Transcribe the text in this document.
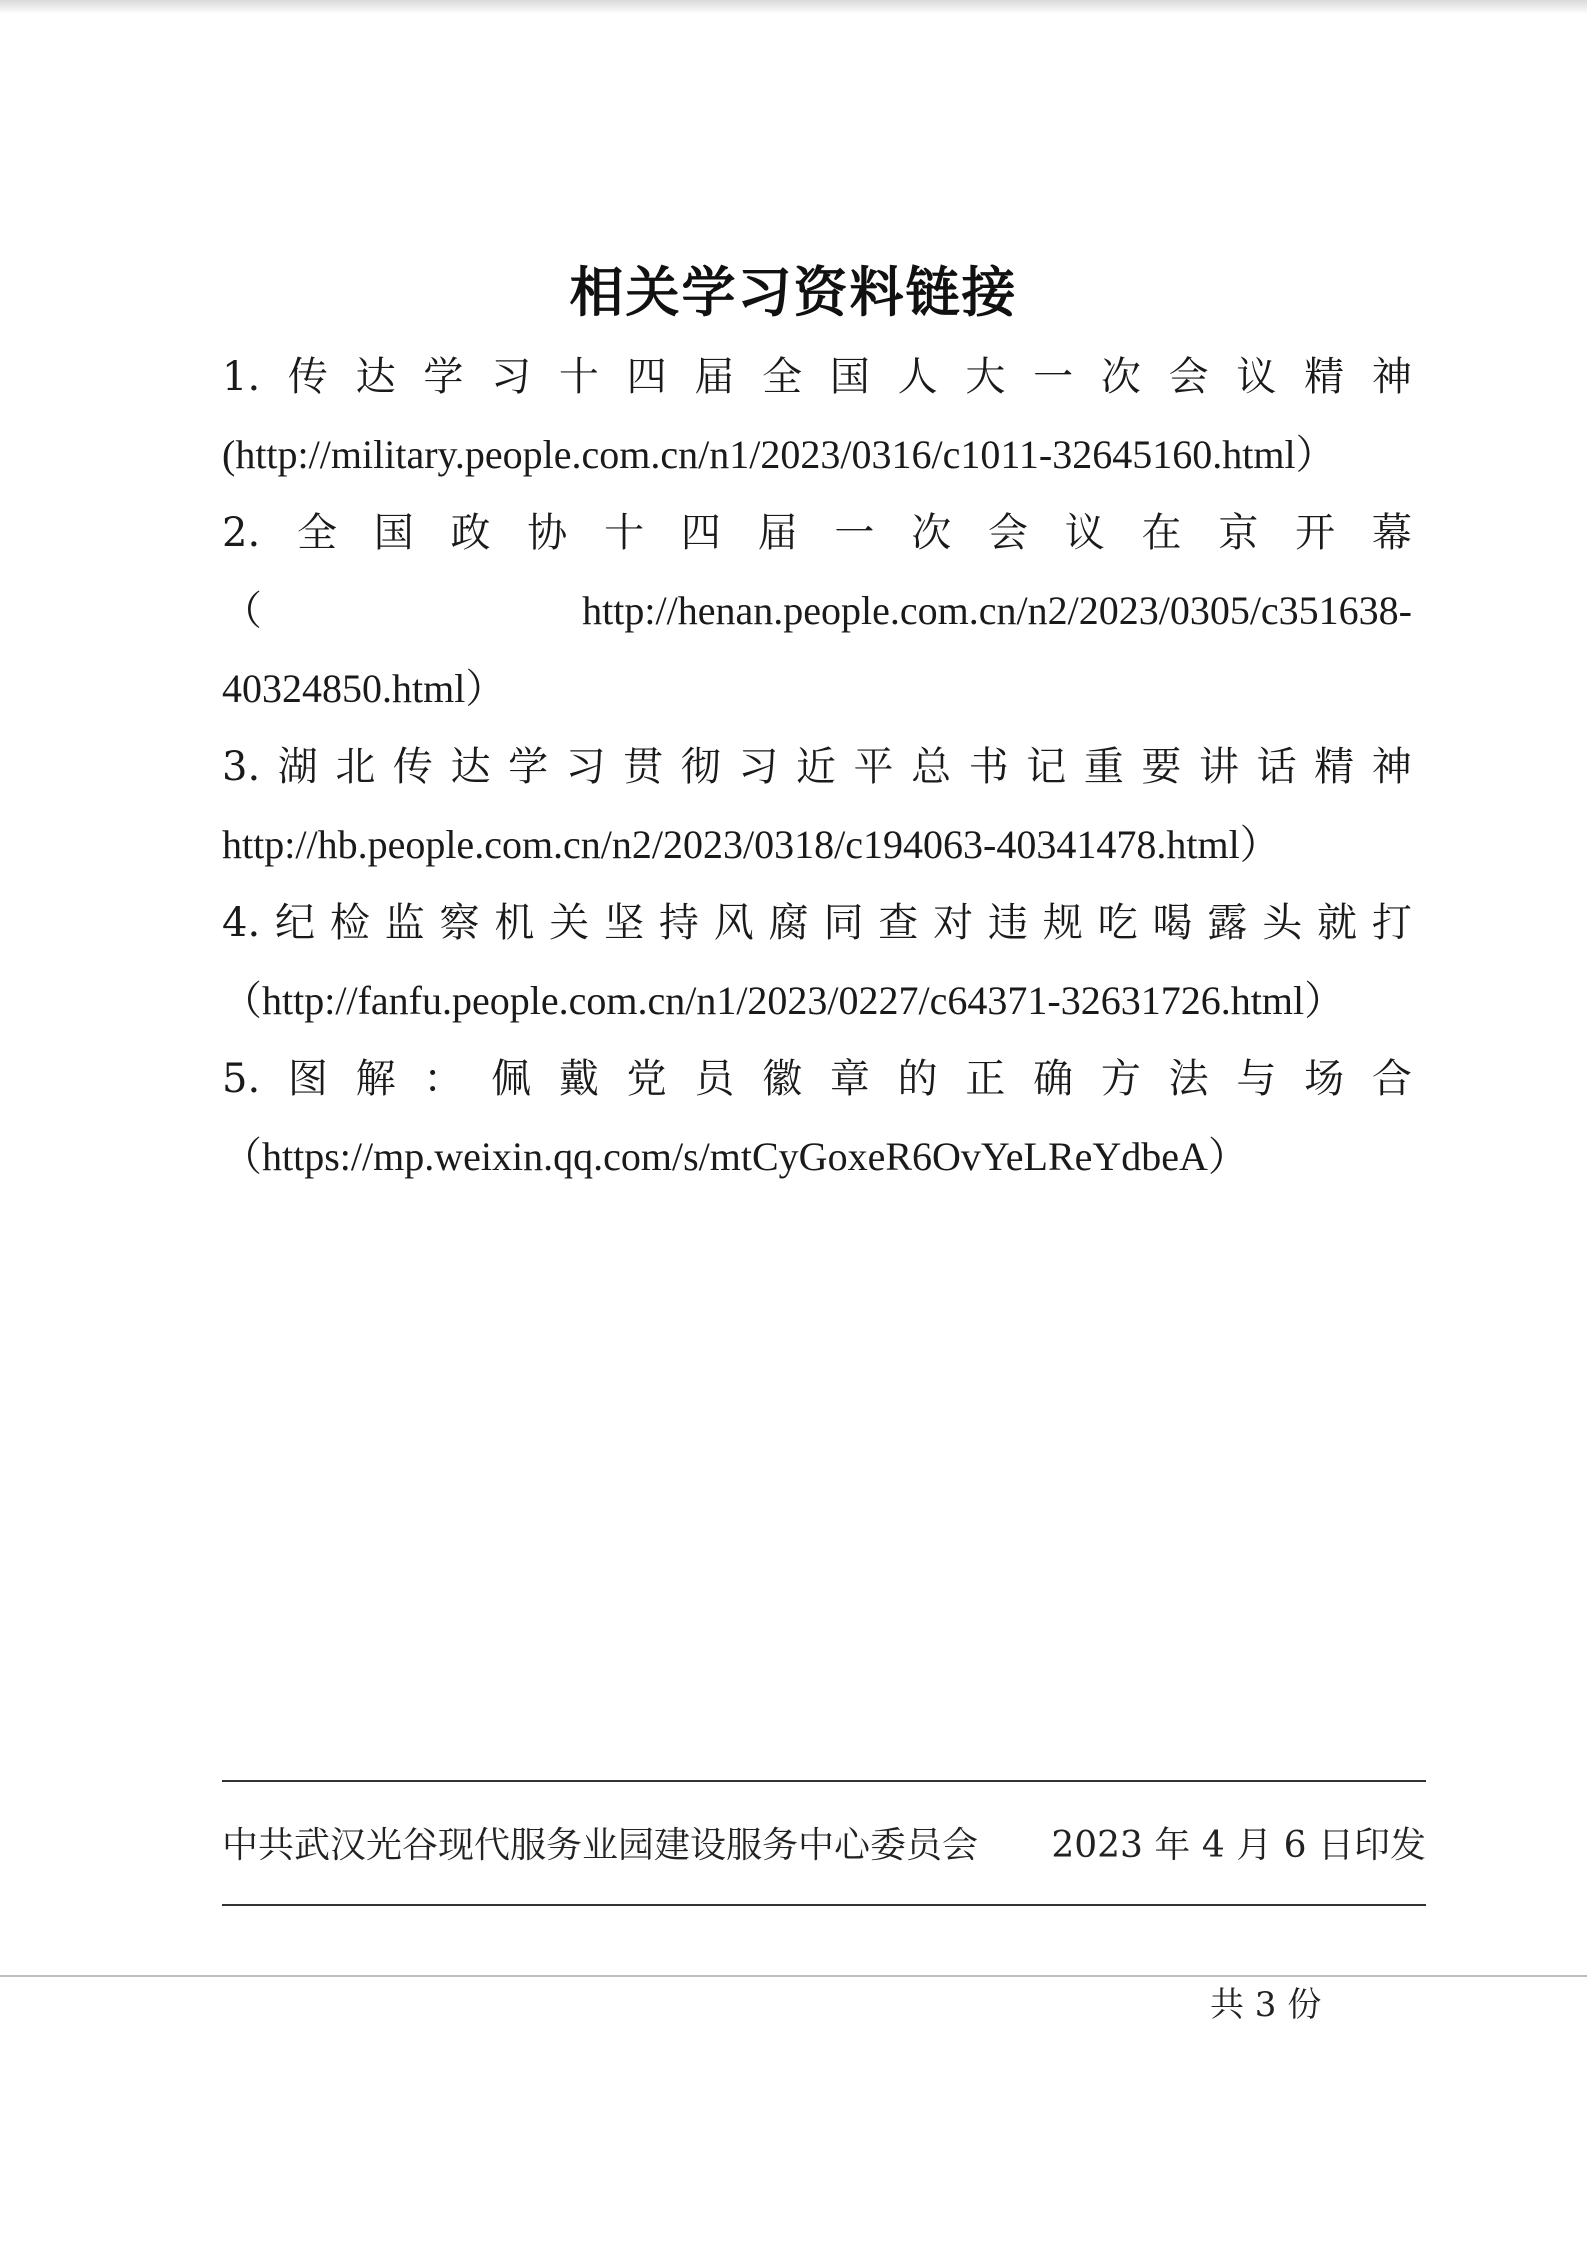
相关学习资料链接
1. 传 达 学 习 十 四 届 全 国 人 大 一 次 会 议 精 神
(http://military.people.com.cn/n1/2023/0316/c1011-32645160.html）
2. 全 国 政 协 十 四 届 一 次 会 议 在 京 开 幕
（	http://henan.people.com.cn/n2/2023/0305/c351638-
40324850.html）
3. 湖 北 传 达 学 习 贯 彻 习 近 平 总 书 记 重 要 讲 话 精 神
http://hb.people.com.cn/n2/2023/0318/c194063-40341478.html）
4. 纪 检 监 察 机 关 坚 持 风 腐 同 查 对 违 规 吃 喝 露 头 就 打
（http://fanfu.people.com.cn/n1/2023/0227/c64371-32631726.html）
5. 图 解 ： 佩 戴 党 员 徽 章 的 正 确 方 法 与 场 合
（https://mp.weixin.qq.com/s/mtCyGoxeR6OvYeLReYdbeA）
中共武汉光谷现代服务业园建设服务中心委员会 2023 年 4 月 6 日印发
共 3 份
